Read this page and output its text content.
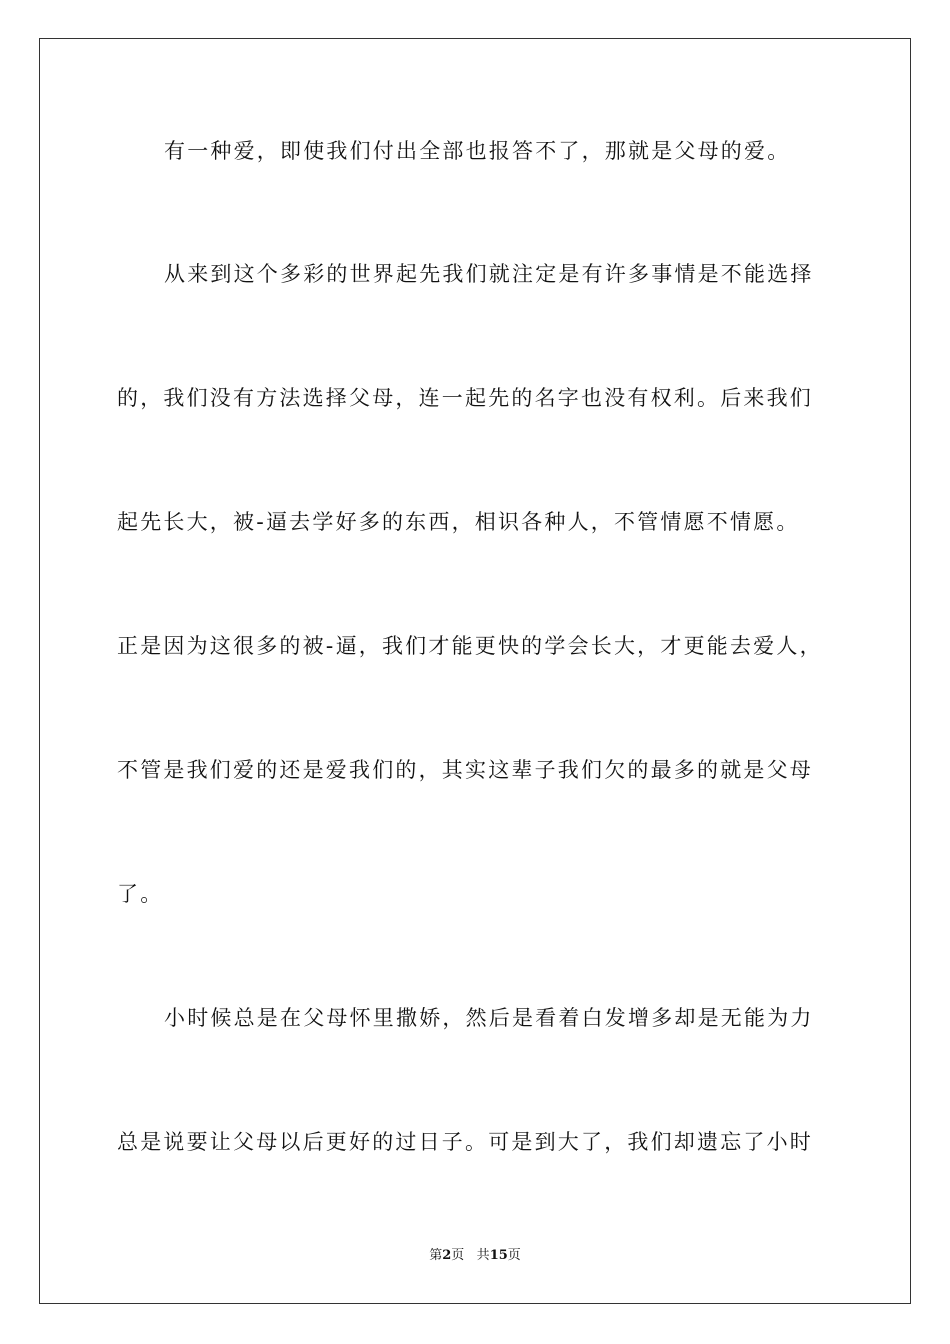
有一种爱，即使我们付出全部也报答不了，那就是父母的爱。
从来到这个多彩的世界起先我们就注定是有许多事情是不能选择
的，我们没有方法选择父母，连一起先的名字也没有权利。后来我们
起先长大，被-逼去学好多的东西，相识各种人，不管情愿不情愿。
正是因为这很多的被-逼，我们才能更快的学会长大，才更能去爱人，
不管是我们爱的还是爱我们的，其实这辈子我们欠的最多的就是父母
了。
小时候总是在父母怀里撒娇，然后是看着白发增多却是无能为力
总是说要让父母以后更好的过日子。可是到大了，我们却遗忘了小时
第2页 共15页
